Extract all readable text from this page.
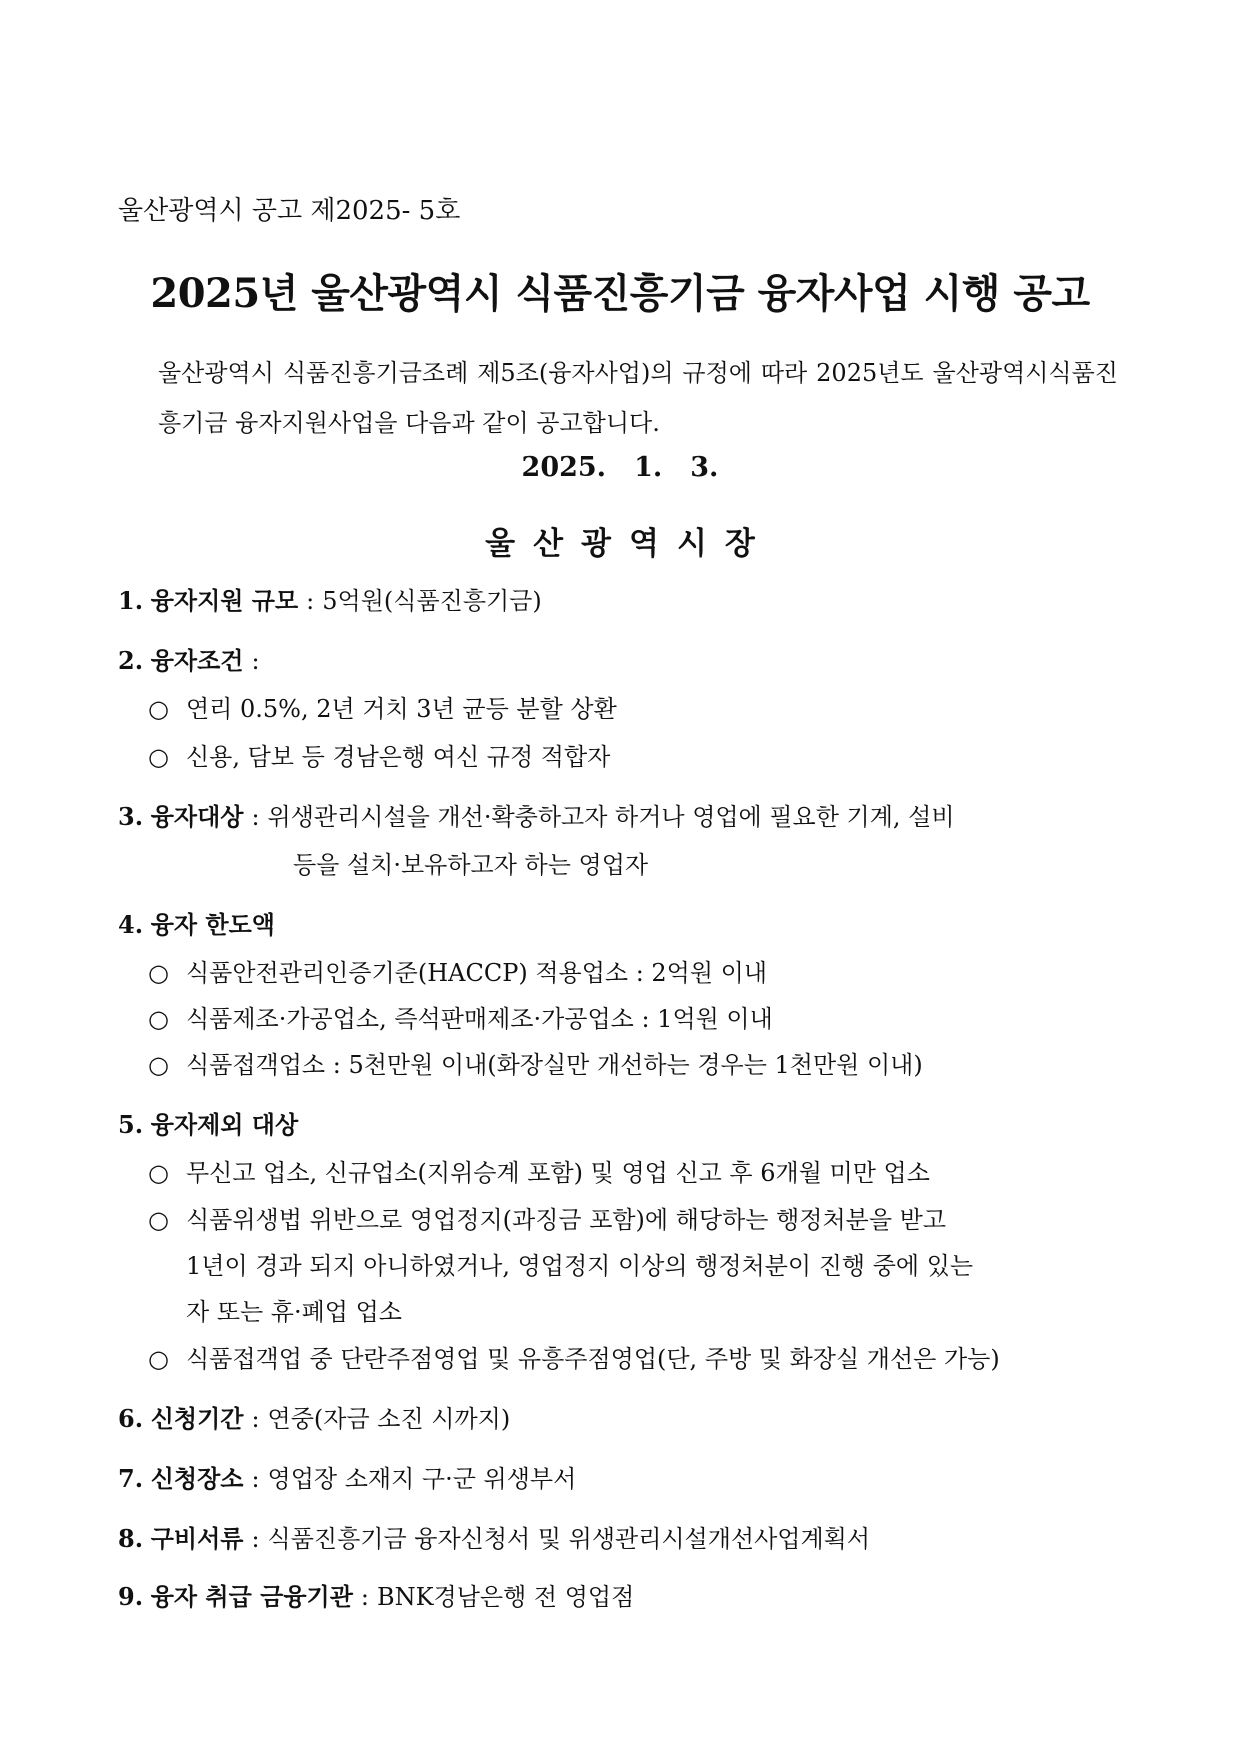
울산광역시 공고 제2025- 5호
2025년 울산광역시 식품진흥기금 융자사업 시행 공고
울산광역시 식품진흥기금조례 제5조(융자사업)의 규정에 따라 2025년도 울산광역시식품진흥기금 융자지원사업을 다음과 같이 공고합니다.
2025. 1. 3.
울산광역시장
1. 융자지원 규모 : 5억원(식품진흥기금)
2. 융자조건 :
○ 연리 0.5%, 2년 거치 3년 균등 분할 상환
○ 신용, 담보 등 경남은행 여신 규정 적합자
3. 융자대상 : 위생관리시설을 개선·확충하고자 하거나 영업에 필요한 기계, 설비
등을 설치·보유하고자 하는 영업자
4. 융자 한도액
○ 식품안전관리인증기준(HACCP) 적용업소 : 2억원 이내
○ 식품제조·가공업소, 즉석판매제조·가공업소 : 1억원 이내
○ 식품접객업소 : 5천만원 이내(화장실만 개선하는 경우는 1천만원 이내)
5. 융자제외 대상
○ 무신고 업소, 신규업소(지위승계 포함) 및 영업 신고 후 6개월 미만 업소
○ 식품위생법 위반으로 영업정지(과징금 포함)에 해당하는 행정처분을 받고
1년이 경과 되지 아니하였거나, 영업정지 이상의 행정처분이 진행 중에 있는
자 또는 휴·폐업 업소
○ 식품접객업 중 단란주점영업 및 유흥주점영업(단, 주방 및 화장실 개선은 가능)
6. 신청기간 : 연중(자금 소진 시까지)
7. 신청장소 : 영업장 소재지 구·군 위생부서
8. 구비서류 : 식품진흥기금 융자신청서 및 위생관리시설개선사업계획서
9. 융자 취급 금융기관 : BNK경남은행 전 영업점
